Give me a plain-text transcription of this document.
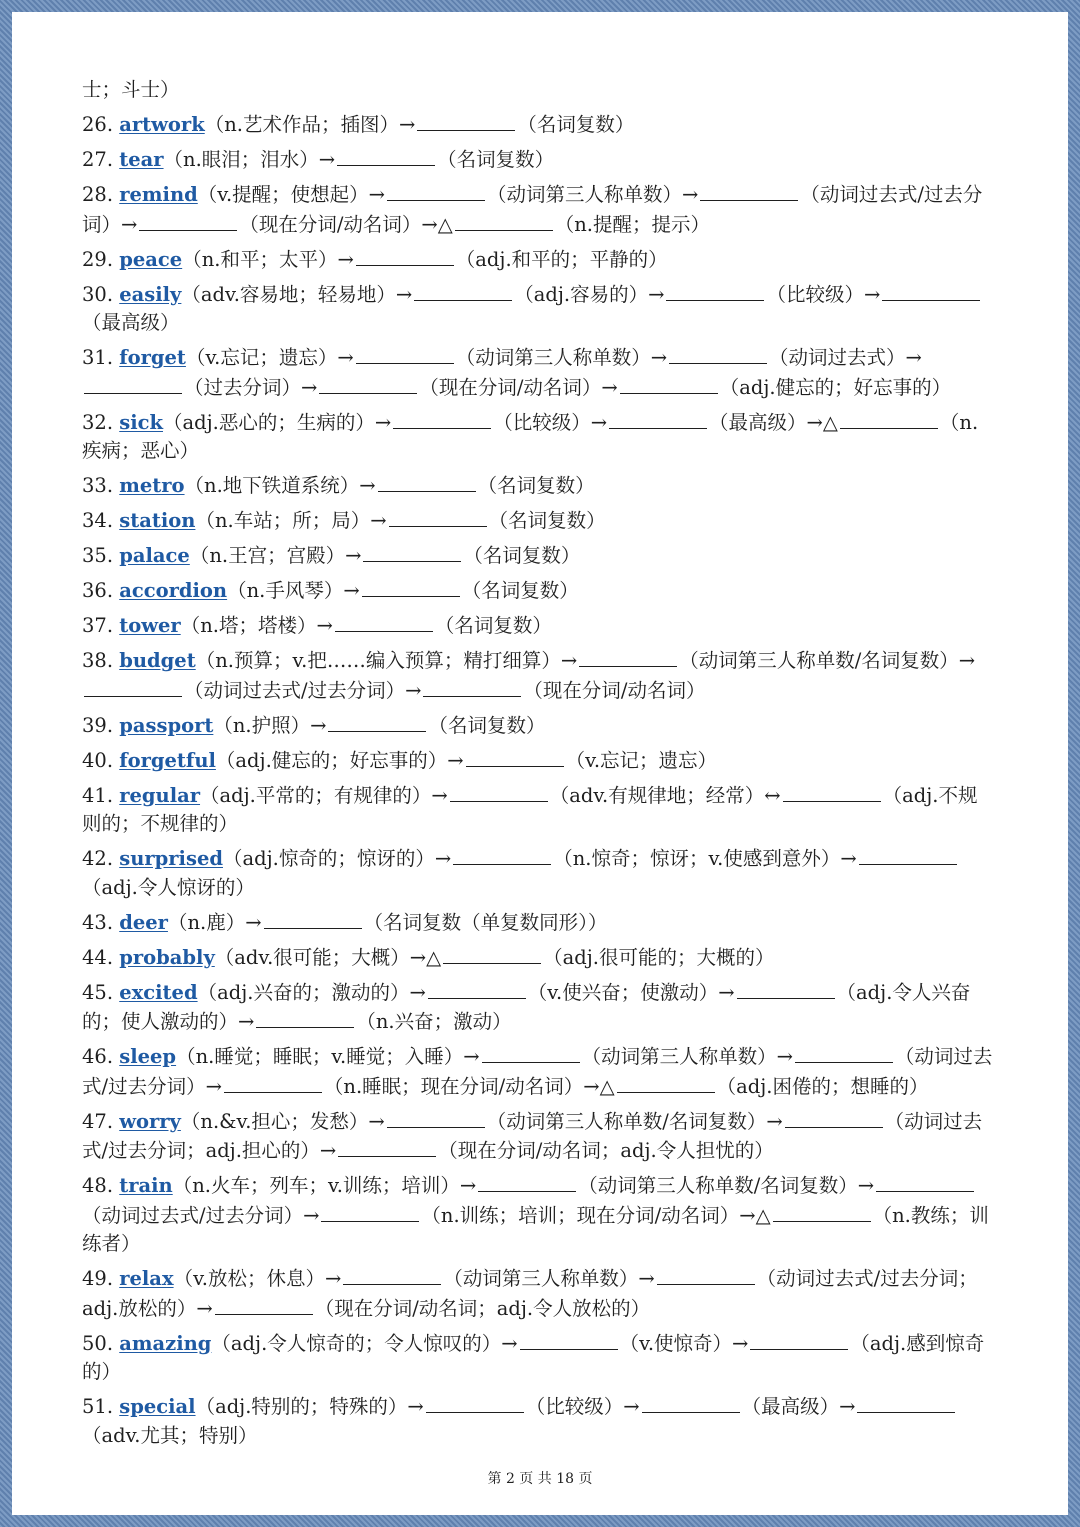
士；斗士）
26. artwork（n.艺术作品；插图）→	（名词复数）
27. tear（n.眼泪；泪水）→	（名词复数）
28. remind（v.提醒；使想起）→	（动词第三人称单数）→	（动词过去式/过去分词）→	（现在分词/动名词）→△	（n.提醒；提示）
29. peace（n.和平；太平）→	（adj.和平的；平静的）
30. easily（adv.容易地；轻易地）→	（adj.容易的）→	（比较级）→（最高级）
31. forget（v.忘记；遗忘）→	（动词第三人称单数）→	（动词过去式）→（过去分词）→	（现在分词/动名词）→	（adj.健忘的；好忘事的）
32. sick（adj.恶心的；生病的）→	（比较级）→	（最高级）→△	（n.疾病；恶心）
33. metro（n.地下铁道系统）→	（名词复数）
34. station（n.车站；所；局）→	（名词复数）
35. palace（n.王宫；宫殿）→	（名词复数）
36. accordion（n.手风琴）→	（名词复数）
37. tower（n.塔；塔楼）→	（名词复数）
38. budget（n.预算；v.把……编入预算；精打细算）→	（动词第三人称单数/名词复数）→（动词过去式/过去分词）→	（现在分词/动名词）
39. passport（n.护照）→	（名词复数）
40. forgetful（adj.健忘的；好忘事的）→	（v.忘记；遗忘）
41. regular（adj.平常的；有规律的）→	（adv.有规律地；经常）↔	（adj.不规则的；不规律的）
42. surprised（adj.惊奇的；惊讶的）→	（n.惊奇；惊讶；v.使感到意外）→（adj.令人惊讶的）
43. deer（n.鹿）→	（名词复数（单复数同形））
44. probably（adv.很可能；大概）→△	（adj.很可能的；大概的）
45. excited（adj.兴奋的；激动的）→	（v.使兴奋；使激动）→	（adj.令人兴奋的；使人激动的）→	（n.兴奋；激动）
46. sleep（n.睡觉；睡眠；v.睡觉；入睡）→	（动词第三人称单数）→	（动词过去式/过去分词）→	（n.睡眠；现在分词/动名词）→△	（adj.困倦的；想睡的）
47. worry（n.&v.担心；发愁）→	（动词第三人称单数/名词复数）→	（动词过去式/过去分词；adj.担心的）→	（现在分词/动名词；adj.令人担忧的）
48. train（n.火车；列车；v.训练；培训）→	（动词第三人称单数/名词复数）→（动词过去式/过去分词）→	（n.训练；培训；现在分词/动名词）→△	（n.教练；训练者）
49. relax（v.放松；休息）→	（动词第三人称单数）→	（动词过去式/过去分词；adj.放松的）→	（现在分词/动名词；adj.令人放松的）
50. amazing（adj.令人惊奇的；令人惊叹的）→	（v.使惊奇）→	（adj.感到惊奇的）
51. special（adj.特别的；特殊的）→	（比较级）→	（最高级）→（adv.尤其；特别）
第 2 页 共 18 页
